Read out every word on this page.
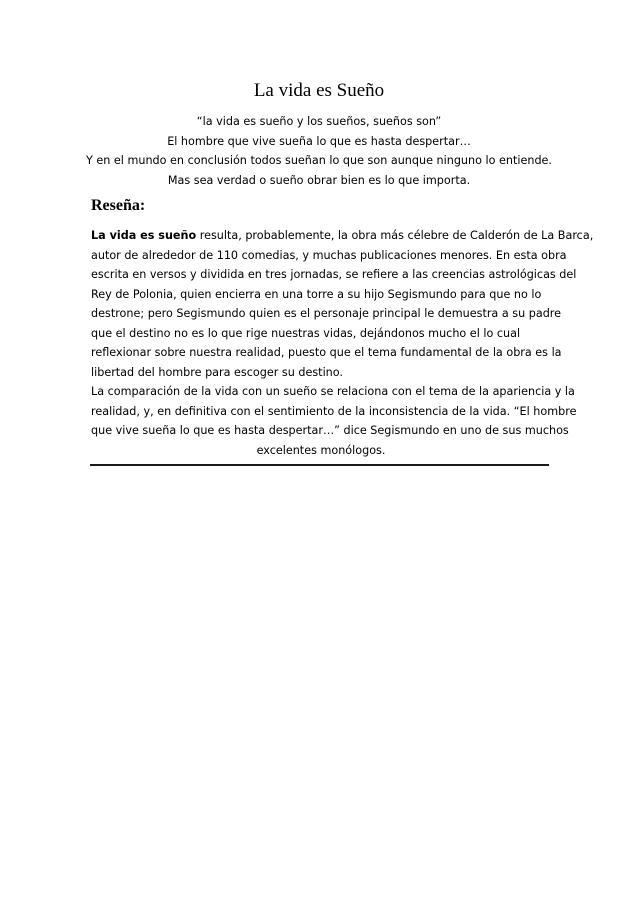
La vida es Sueño
“la vida es sueño y los sueños, sueños son”
El hombre que vive sueña lo que es hasta despertar…
Y en el mundo en conclusión todos sueñan lo que son aunque ninguno lo entiende.
Mas sea verdad o sueño obrar bien es lo que importa.
Reseña:
La vida es sueño resulta, probablemente, la obra más célebre de Calderón de La Barca,
autor de alrededor de 110 comedias, y muchas publicaciones menores. En esta obra
escrita en versos y dividida en tres jornadas, se refiere a las creencias astrológicas del
Rey de Polonia, quien encierra en una torre a su hijo Segismundo para que no lo
destrone; pero Segismundo quien es el personaje principal le demuestra a su padre
que el destino no es lo que rige nuestras vidas, dejándonos mucho el lo cual
reflexionar sobre nuestra realidad, puesto que el tema fundamental de la obra es la
libertad del hombre para escoger su destino.
La comparación de la vida con un sueño se relaciona con el tema de la apariencia y la
realidad, y, en definitiva con el sentimiento de la inconsistencia de la vida. “El hombre
que vive sueña lo que es hasta despertar…” dice Segismundo en uno de sus muchos
excelentes monólogos.
